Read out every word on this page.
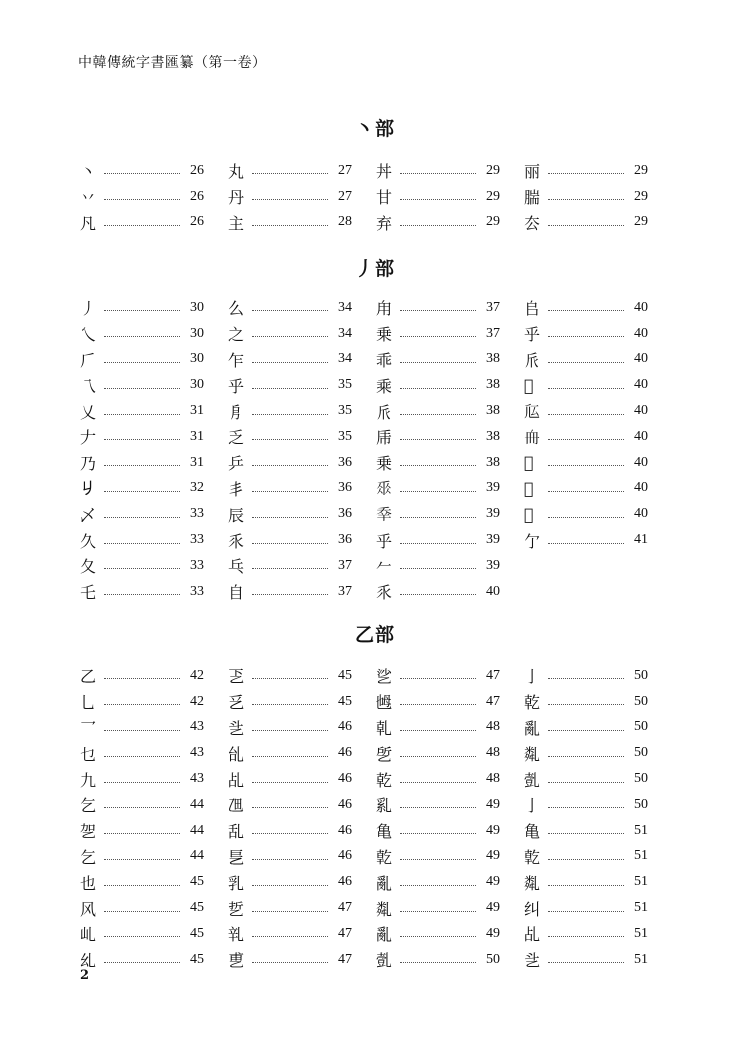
中韓傳統字書匯纂（第一卷）
丶部
丶	26
丷	26
凡	26
丸	27
丹	27
主	28
丼	29
甘	29
弃	29
丽	29
腨	29
厺	29
丿部
丿	30
乀	30
𠂆	30
乁	30
乂	31
𠂇	31
乃	31
𠂈	32
乄	33
久	33
夂	33
乇	33
么	34
之	34
乍	34
乎	35
㐆	35
乏	35
乒	36
丯	36
辰	36
乑	36
乓	37
自	37
甪	37
乗	37
乖	38
乘	38
𠂢	38
乕	38
乗	38
𠂹	39
𠂷	39
乎	39
𠂉	39
乑	40
𠂤	40
乎	40
𠂢	40
𠂦	40
𠂧	40
𠂨	40
𠂩	40
𠂪	40
𠂫	40
亇	41
乙部
乙	42
乚	42
乛	43
乜	43
九	43
乞	44
乫	44
乞	44
也	45
风	45
乢	45
乣	45
乤	45
乥	45
乧	46
乨	46
乩	46
乪	46
乱	46
乬	46
乳	46
乴	47
乵	47
乶	47
乷	47
乸	47
乹	48
乺	48
乾	48
乿	49
亀	49
亁	49
亂	49
亃	49
亂	49
亄	50
亅	50
乾	50
亂	50
亃	50
亄	50
亅	50
亀	51
亁	51
亃	51
纠	51
乩	51
乧	51
2
